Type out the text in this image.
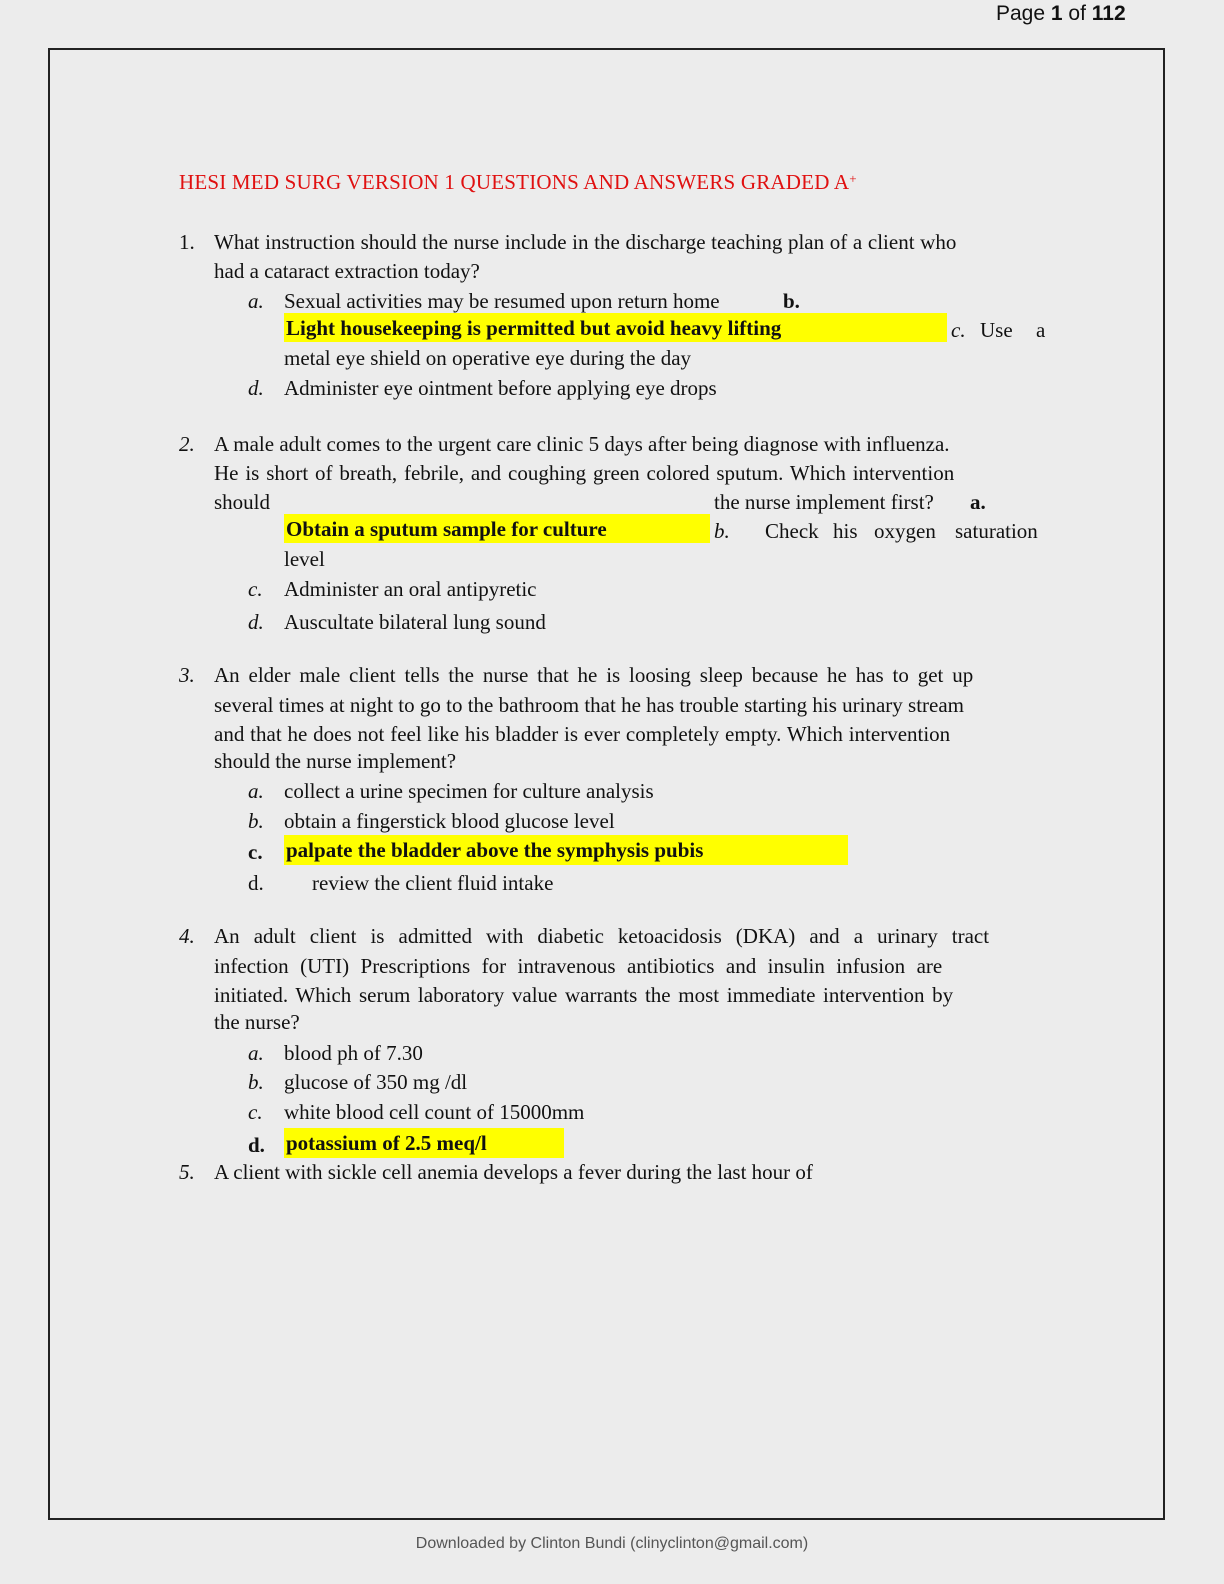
Page 1 of 112
HESI MED SURG VERSION 1 QUESTIONS AND ANSWERS GRADED A+
1. What instruction should the nurse include in the discharge teaching plan of a client who
had a cataract extraction today?
a. Sexual activities may be resumed upon return home	b.
Light housekeeping is permitted but avoid heavy lifting	c. Use a
metal eye shield on operative eye during the day
d. Administer eye ointment before applying eye drops
2. A male adult comes to the urgent care clinic 5 days after being diagnose with influenza.
He is short of breath, febrile, and coughing green colored sputum. Which intervention
should	the nurse implement first? a.
Obtain a sputum sample for culture	b. Check his oxygen saturation
level
c. Administer an oral antipyretic
d. Auscultate bilateral lung sound
3. An elder male client tells the nurse that he is loosing sleep because he has to get up
several times at night to go to the bathroom that he has trouble starting his urinary stream
and that he does not feel like his bladder is ever completely empty. Which intervention
should the nurse implement?
a. collect a urine specimen for culture analysis
b. obtain a fingerstick blood glucose level
c. palpate the bladder above the symphysis pubis
d. review the client fluid intake
4. An adult client is admitted with diabetic ketoacidosis (DKA) and a urinary tract
infection (UTI) Prescriptions for intravenous antibiotics and insulin infusion are
initiated. Which serum laboratory value warrants the most immediate intervention by
the nurse?
a. blood ph of 7.30
b. glucose of 350 mg /dl
c. white blood cell count of 15000mm
d. potassium of 2.5 meq/l
5. A client with sickle cell anemia develops a fever during the last hour of
Downloaded by Clinton Bundi (clinyclinton@gmail.com)
